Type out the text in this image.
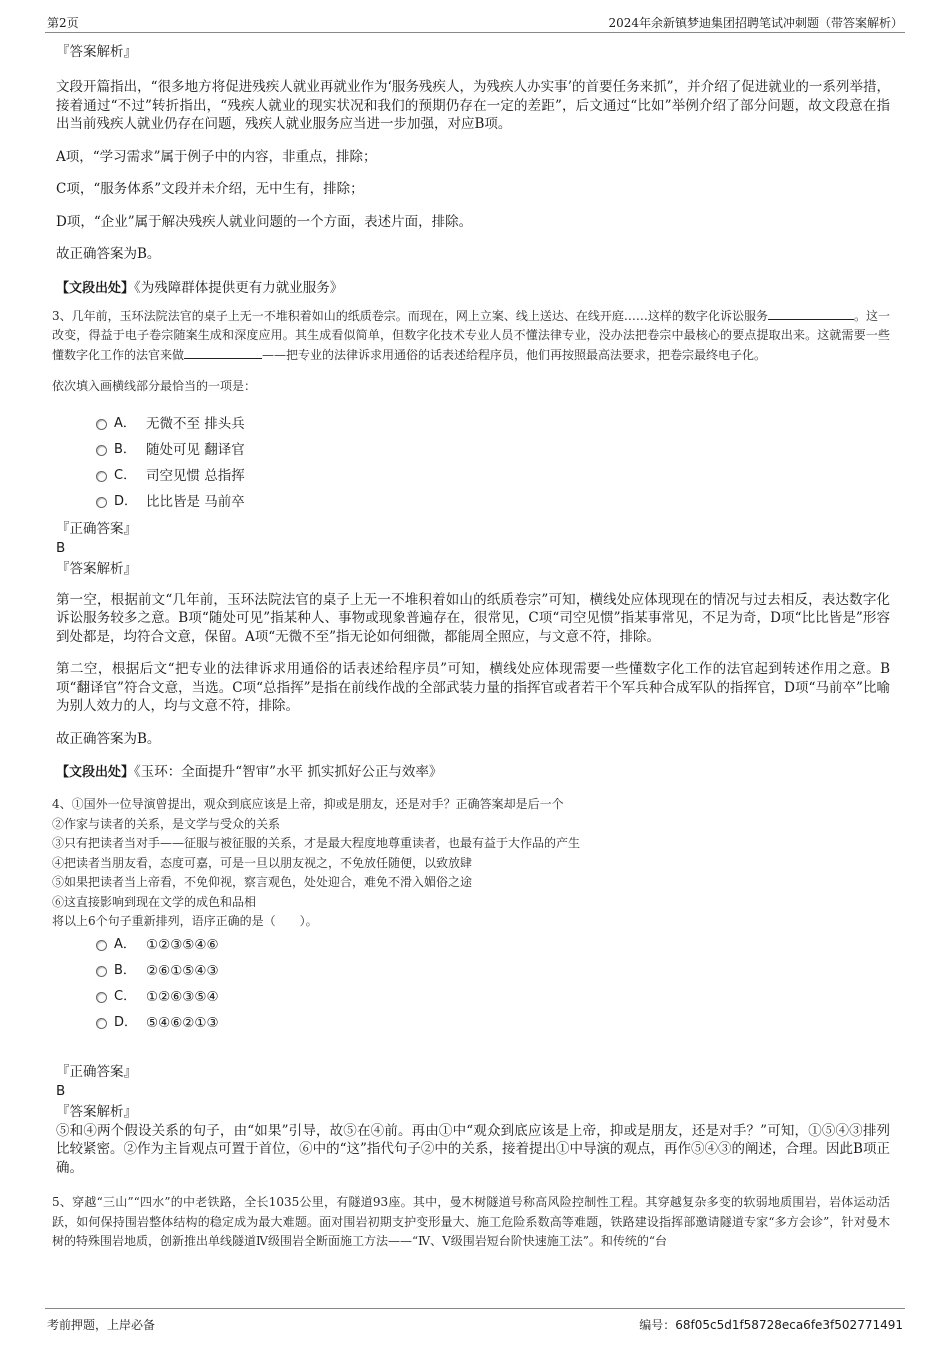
第2页	2024年余新镇梦迪集团招聘笔试冲刺题（带答案解析）

『答案解析』

文段开篇指出，“很多地方将促进残疾人就业再就业作为‘服务残疾人，为残疾人办实事’的首要任务来抓”，并介绍了促进就业的一系列举措，接着通过“不过”转折指出，“残疾人就业的现实状况和我们的预期仍存在一定的差距”，后文通过“比如”举例介绍了部分问题，故文段意在指出当前残疾人就业仍存在问题，残疾人就业服务应当进一步加强，对应B项。

A项，“学习需求”属于例子中的内容，非重点，排除；

C项，“服务体系”文段并未介绍，无中生有，排除；

D项，“企业”属于解决残疾人就业问题的一个方面，表述片面，排除。

故正确答案为B。

【文段出处】《为残障群体提供更有力就业服务》

3、几年前，玉环法院法官的桌子上无一不堆积着如山的纸质卷宗。而现在，网上立案、线上送达、在线开庭……这样的数字化诉讼服务	。这一改变，得益于电子卷宗随案生成和深度应用。其生成看似简单，但数字化技术专业人员不懂法律专业，没办法把卷宗中最核心的要点提取出来。这就需要一些懂数字化工作的法官来做	——把专业的法律诉求用通俗的话表述给程序员，他们再按照最高法要求，把卷宗最终电子化。

依次填入画横线部分最恰当的一项是：

A． 无微不至 排头兵
B． 随处可见 翻译官
C． 司空见惯 总指挥
D． 比比皆是 马前卒

『正确答案』

B

『答案解析』

第一空，根据前文“几年前，玉环法院法官的桌子上无一不堆积着如山的纸质卷宗”可知，横线处应体现现在的情况与过去相反，表达数字化诉讼服务较多之意。B项“随处可见”指某种人、事物或现象普遍存在，很常见，C项“司空见惯”指某事常见，不足为奇，D项“比比皆是”形容到处都是，均符合文意，保留。A项“无微不至”指无论如何细微，都能周全照应，与文意不符，排除。

第二空，根据后文“把专业的法律诉求用通俗的话表述给程序员”可知，横线处应体现需要一些懂数字化工作的法官起到转述作用之意。B项“翻译官”符合文意，当选。C项“总指挥”是指在前线作战的全部武装力量的指挥官或者若干个军兵种合成军队的指挥官，D项“马前卒”比喻为别人效力的人，均与文意不符，排除。

故正确答案为B。

【文段出处】《玉环：全面提升“智审”水平 抓实抓好公正与效率》

4、①国外一位导演曾提出，观众到底应该是上帝，抑或是朋友，还是对手？正确答案却是后一个

②作家与读者的关系，是文学与受众的关系

③只有把读者当对手——征服与被征服的关系，才是最大程度地尊重读者，也最有益于大作品的产生

④把读者当朋友看，态度可嘉，可是一旦以朋友视之，不免放任随便，以致放肆

⑤如果把读者当上帝看，不免仰视，察言观色，处处迎合，难免不滑入媚俗之途

⑥这直接影响到现在文学的成色和品相

将以上6个句子重新排列，语序正确的是（　　）。

A． ①②③⑤④⑥
B． ②⑥①⑤④③
C． ①②⑥③⑤④
D． ⑤④⑥②①③

『正确答案』

B

『答案解析』

⑤和④两个假设关系的句子，由“如果”引导，故⑤在④前。再由①中“观众到底应该是上帝，抑或是朋友，还是对手？”可知，①⑤④③排列比较紧密。②作为主旨观点可置于首位，⑥中的“这”指代句子②中的关系，接着提出①中导演的观点，再作⑤④③的阐述，合理。因此B项正确。

5、穿越“三山”“四水”的中老铁路，全长1035公里，有隧道93座。其中，曼木树隧道号称高风险控制性工程。其穿越复杂多变的软弱地质围岩，岩体运动活跃，如何保持围岩整体结构的稳定成为最大难题。面对围岩初期支护变形量大、施工危险系数高等难题，铁路建设指挥部邀请隧道专家“多方会诊”，针对曼木树的特殊围岩地质，创新推出单线隧道Ⅳ级围岩全断面施工方法——“Ⅳ、Ⅴ级围岩短台阶快速施工法”。和传统的“台

考前押题，上岸必备	编号：68f05c5d1f58728eca6fe3f502771491
